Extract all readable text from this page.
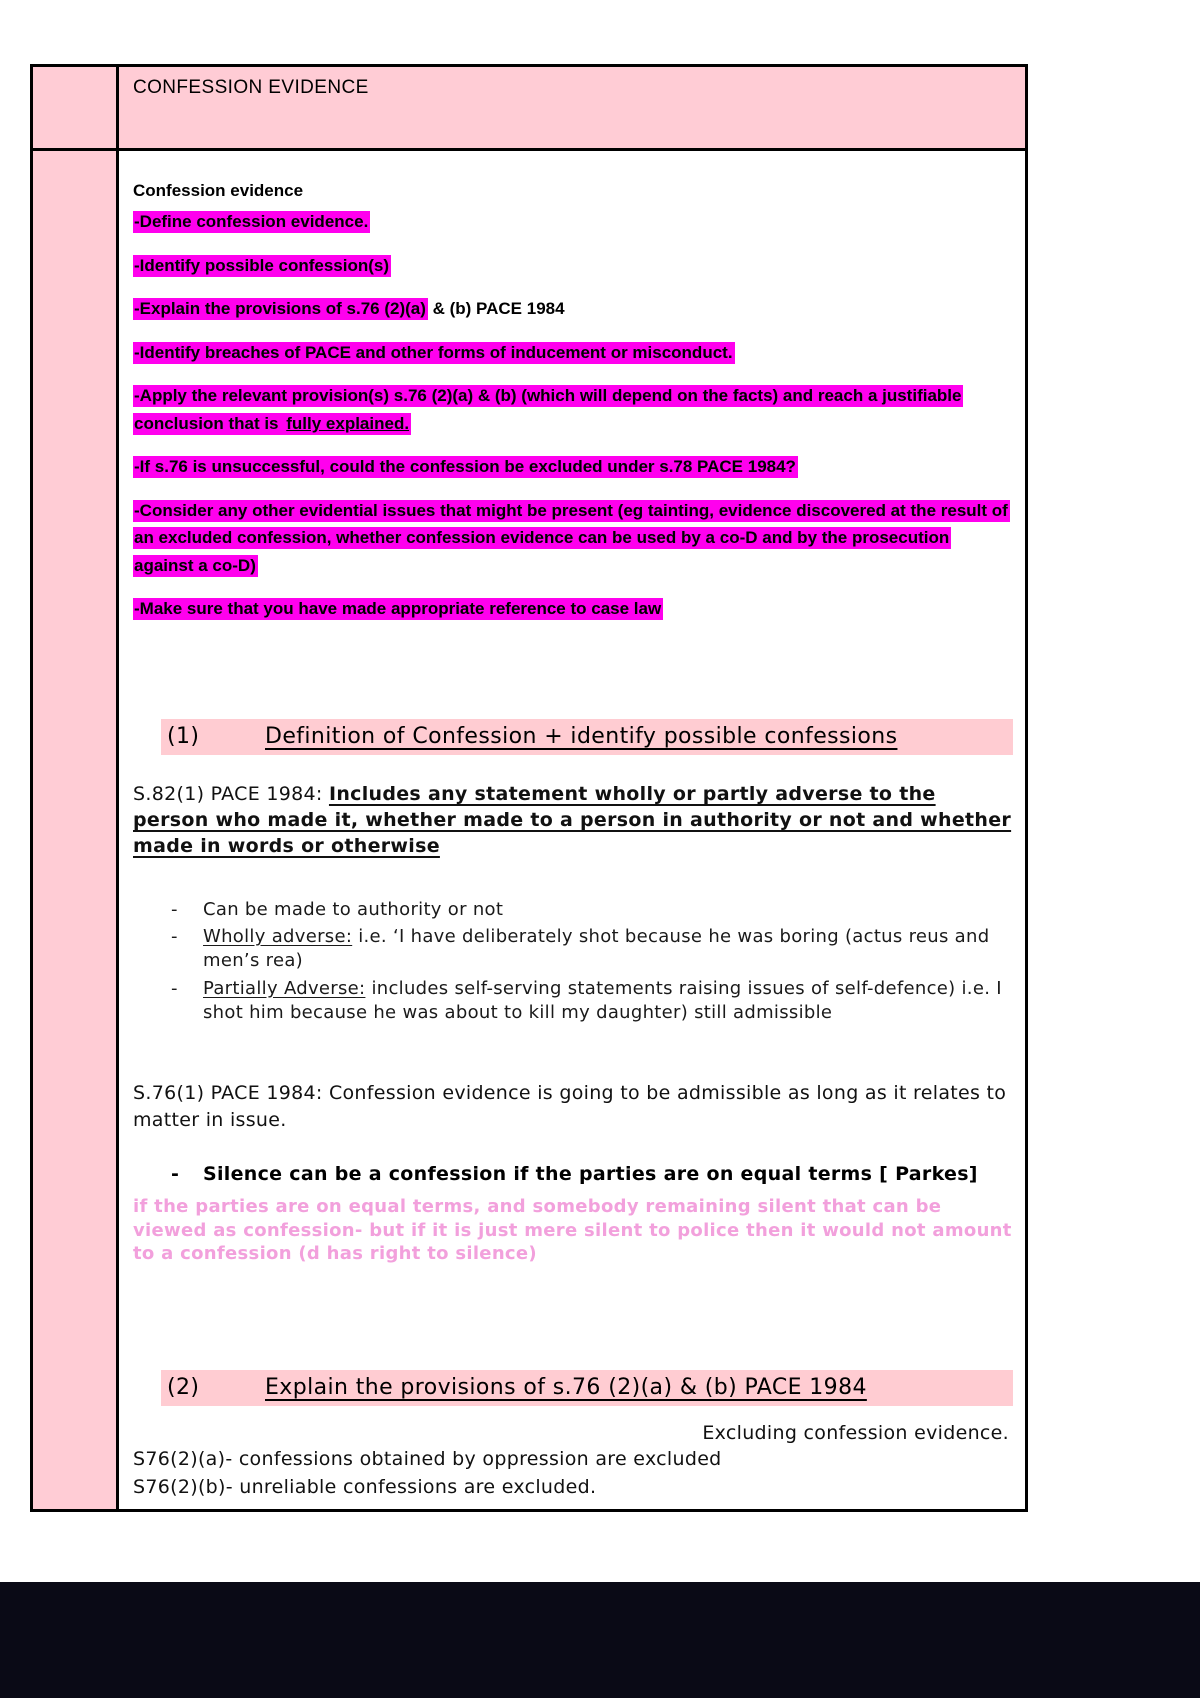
CONFESSION EVIDENCE

Confession evidence

-Define confession evidence.

-Identify possible confession(s)

-Explain the provisions of s.76 (2)(a) & (b) PACE 1984

-Identify breaches of PACE and other forms of inducement or misconduct.

-Apply the relevant provision(s) s.76 (2)(a) & (b) (which will depend on the facts) and reach a justifiable conclusion that is fully explained.

-If s.76 is unsuccessful, could the confession be excluded under s.78 PACE 1984?

-Consider any other evidential issues that might be present (eg tainting, evidence discovered at the result of an excluded confession, whether confession evidence can be used by a co-D and by the prosecution against a co-D)

-Make sure that you have made appropriate reference to case law

(1)	Definition of Confession + identify possible confessions

S.82(1) PACE 1984: Includes any statement wholly or partly adverse to the person who made it, whether made to a person in authority or not and whether made in words or otherwise

- Can be made to authority or not
- Wholly adverse: i.e. ‘I have deliberately shot because he was boring (actus reus and men’s rea)
- Partially Adverse: includes self-serving statements raising issues of self-defence) i.e. I shot him because he was about to kill my daughter) still admissible

S.76(1) PACE 1984: Confession evidence is going to be admissible as long as it relates to matter in issue.

- Silence can be a confession if the parties are on equal terms [ Parkes]

if the parties are on equal terms, and somebody remaining silent that can be viewed as confession- but if it is just mere silent to police then it would not amount to a confession (d has right to silence)

(2)	Explain the provisions of s.76 (2)(a) & (b) PACE 1984

Excluding confession evidence.

S76(2)(a)- confessions obtained by oppression are excluded

S76(2)(b)- unreliable confessions are excluded.
